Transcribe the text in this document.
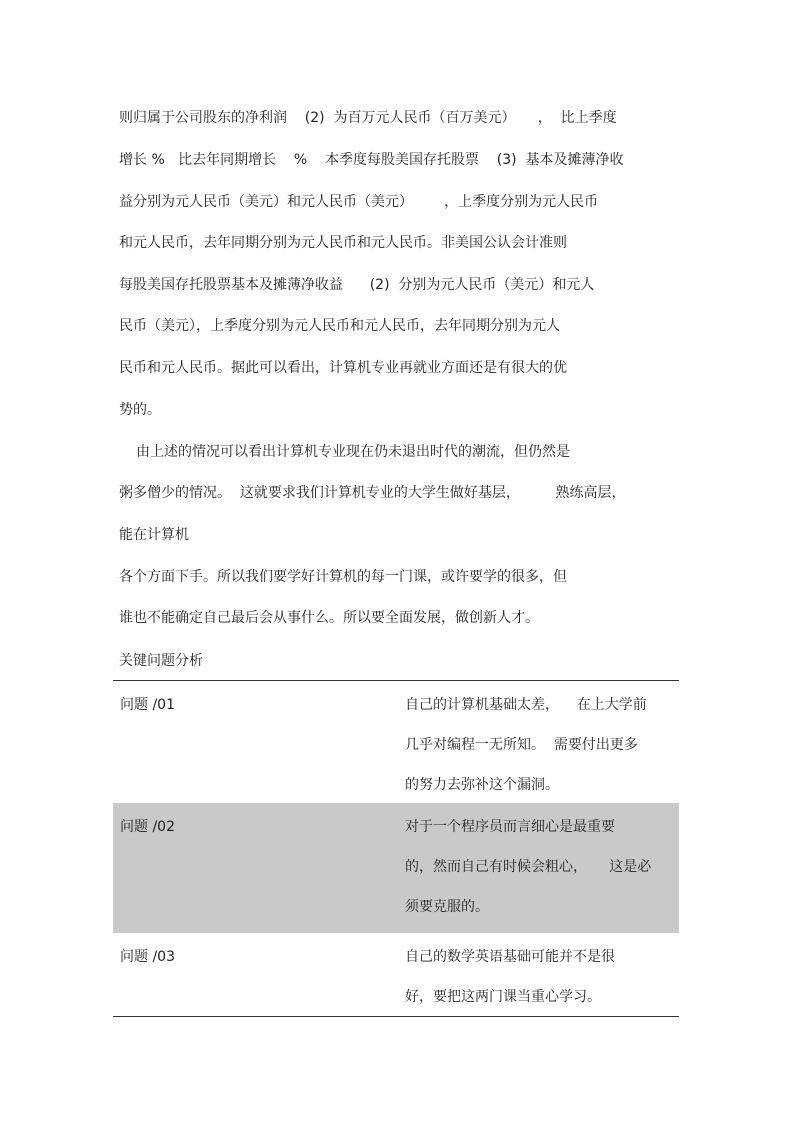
则归属于公司股东的净利润    (2)  为百万元人民币（百万美元）     ，  比上季度
增长 %   比去年同期增长    %    本季度每股美国存托股票    (3)  基本及摊薄净收
益分别为元人民币（美元）和元人民币（美元）       ，上季度分别为元人民币
和元人民币，去年同期分别为元人民币和元人民币。非美国公认会计准则
每股美国存托股票基本及摊薄净收益      (2)  分别为元人民币（美元）和元人
民币（美元），上季度分别为元人民币和元人民币，去年同期分别为元人
民币和元人民币。据此可以看出，计算机专业再就业方面还是有很大的优
势的。
由上述的情况可以看出计算机专业现在仍未退出时代的潮流，但仍然是
粥多僧少的情况。  这就要求我们计算机专业的大学生做好基层，        熟练高层，
能在计算机
各个方面下手。所以我们要学好计算机的每一门课，或许要学的很多，但
谁也不能确定自己最后会从事什么。所以要全面发展，做创新人才。
关键问题分析
问题 /01	自己的计算机基础太差，    在上大学前
几乎对编程一无所知。  需要付出更多
的努力去弥补这个漏洞。
问题 /02	对于一个程序员而言细心是最重要
的，然而自己有时候会粗心，     这是必
须要克服的。
问题 /03	自己的数学英语基础可能并不是很
好，要把这两门课当重心学习。
